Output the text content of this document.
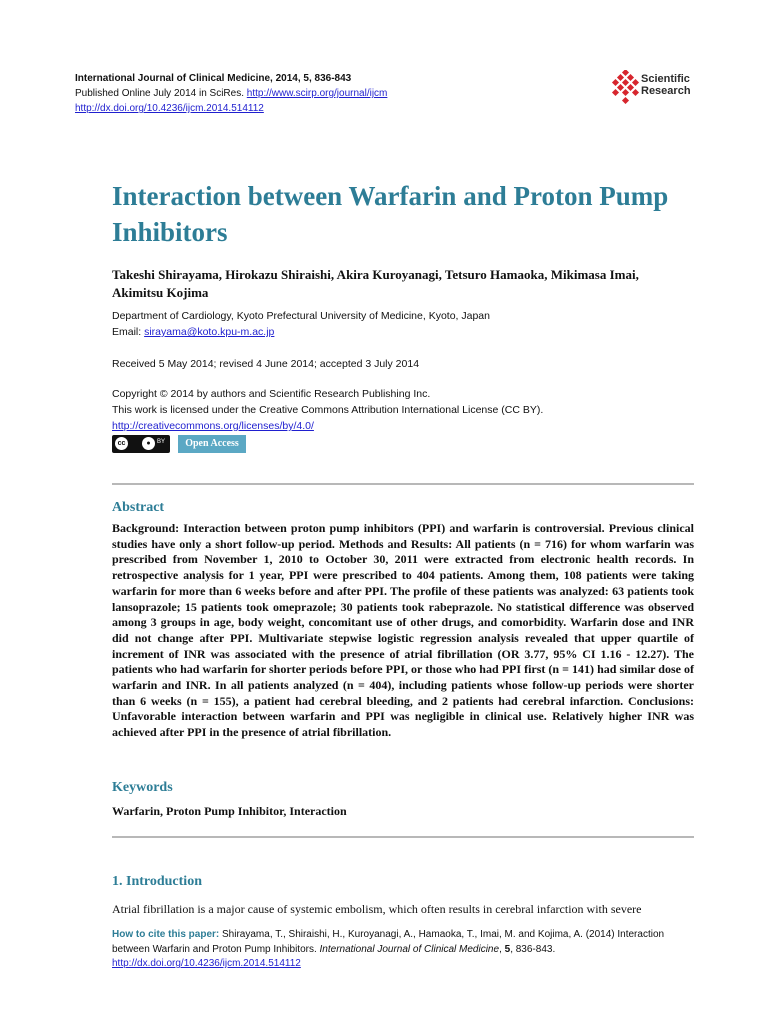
International Journal of Clinical Medicine, 2014, 5, 836-843
Published Online July 2014 in SciRes. http://www.scirp.org/journal/ijcm
http://dx.doi.org/10.4236/ijcm.2014.514112
Scientific
Research
Interaction between Warfarin and Proton Pump Inhibitors
Takeshi Shirayama, Hirokazu Shiraishi, Akira Kuroyanagi, Tetsuro Hamaoka, Mikimasa Imai, Akimitsu Kojima
Department of Cardiology, Kyoto Prefectural University of Medicine, Kyoto, Japan
Email: sirayama@koto.kpu-m.ac.jp
Received 5 May 2014; revised 4 June 2014; accepted 3 July 2014
Copyright © 2014 by authors and Scientific Research Publishing Inc.
This work is licensed under the Creative Commons Attribution International License (CC BY).
http://creativecommons.org/licenses/by/4.0/
cc	●	BY	Open Access
Abstract

Background: Interaction between proton pump inhibitors (PPI) and warfarin is controversial. Previous clinical studies have only a short follow-up period. Methods and Results: All patients (n = 716) for whom warfarin was prescribed from November 1, 2010 to October 30, 2011 were extracted from electronic health records. In retrospective analysis for 1 year, PPI were prescribed to 404 patients. Among them, 108 patients were taking warfarin for more than 6 weeks before and after PPI. The profile of these patients was analyzed: 63 patients took lansoprazole; 15 patients took omeprazole; 30 patients took rabeprazole. No statistical difference was observed among 3 groups in age, body weight, concomitant use of other drugs, and comorbidity. Warfarin dose and INR did not change after PPI. Multivariate stepwise logistic regression analysis revealed that upper quartile of increment of INR was associated with the presence of atrial fibrillation (OR 3.77, 95% CI 1.16 - 12.27). The patients who had warfarin for shorter periods before PPI, or those who had PPI first (n = 141) had similar dose of warfarin and INR. In all patients analyzed (n = 404), including patients whose follow-up periods were shorter than 6 weeks (n = 155), a patient had cerebral bleeding, and 2 patients had cerebral infarction. Conclusions: Unfavorable interaction between warfarin and PPI was negligible in clinical use. Relatively higher INR was achieved after PPI in the presence of atrial fibrillation.

Keywords
Warfarin, Proton Pump Inhibitor, Interaction
1. Introduction
Atrial fibrillation is a major cause of systemic embolism, which often results in cerebral infarction with severe
How to cite this paper: Shirayama, T., Shiraishi, H., Kuroyanagi, A., Hamaoka, T., Imai, M. and Kojima, A. (2014) Interaction between Warfarin and Proton Pump Inhibitors. International Journal of Clinical Medicine, 5, 836-843.
http://dx.doi.org/10.4236/ijcm.2014.514112
